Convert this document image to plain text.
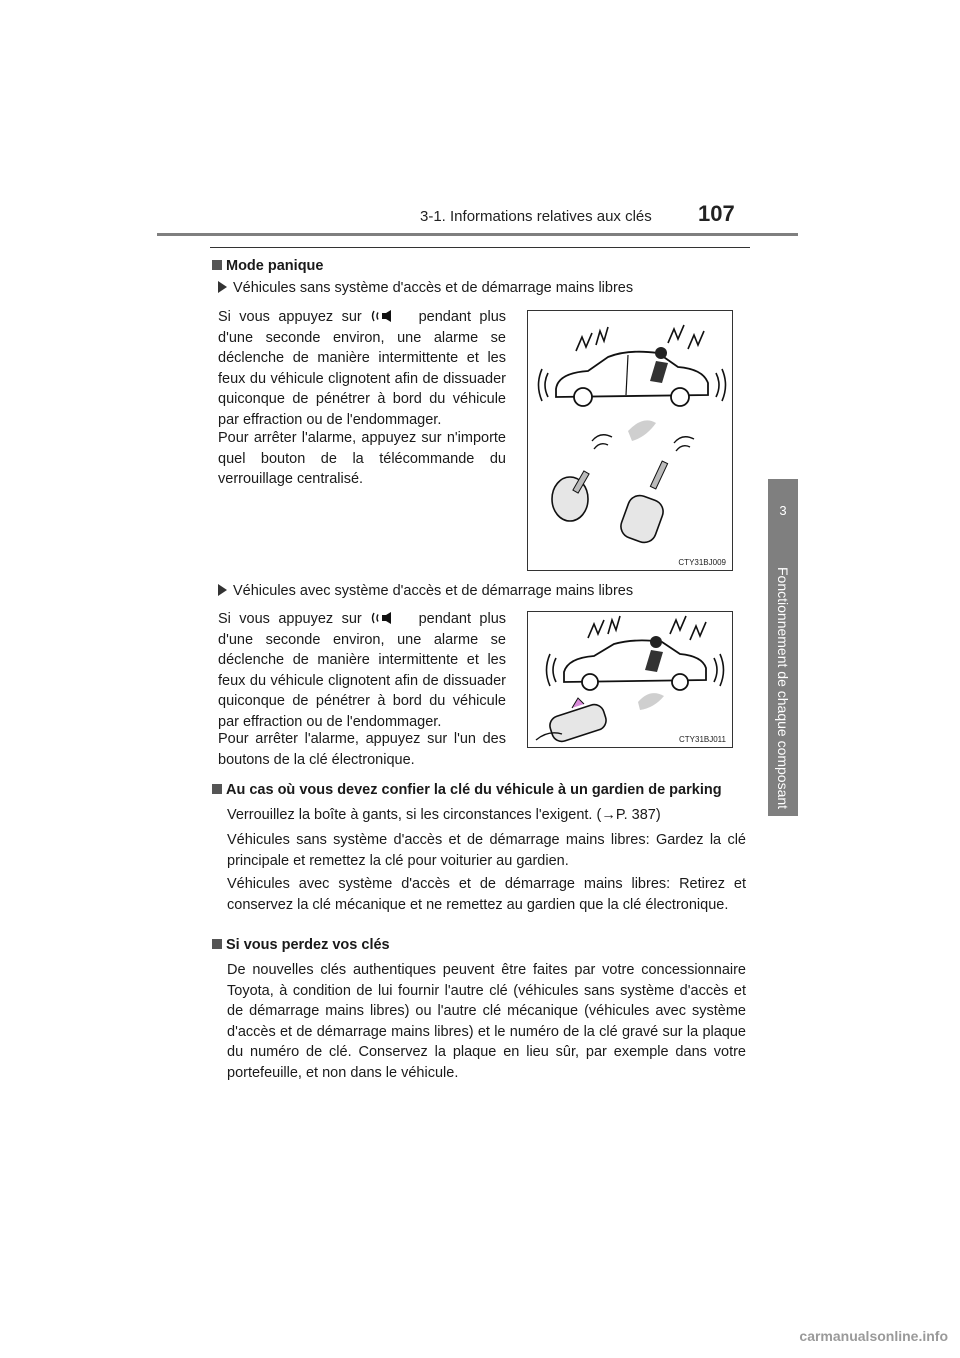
3-1. Informations relatives aux clés 107
3
Fonctionnement de chaque composant
Mode panique
Véhicules sans système d'accès et de démarrage mains libres
Si vous appuyez sur	pendant plus d'une seconde environ, une alarme se déclenche de manière intermittente et les feux du véhicule clignotent afin de dissuader quiconque de pénétrer à bord du véhicule par effraction ou de l'endommager.
Pour arrêter l'alarme, appuyez sur n'importe quel bouton de la télécommande du verrouillage centralisé.
CTY31BJ009
Véhicules avec système d'accès et de démarrage mains libres
Si vous appuyez sur	pendant plus d'une seconde environ, une alarme se déclenche de manière intermittente et les feux du véhicule clignotent afin de dissuader quiconque de pénétrer à bord du véhicule par effraction ou de l'endommager.
Pour arrêter l'alarme, appuyez sur l'un des boutons de la clé électronique.
CTY31BJ011
Au cas où vous devez confier la clé du véhicule à un gardien de parking
Verrouillez la boîte à gants, si les circonstances l'exigent. (→P. 387)
Véhicules sans système d'accès et de démarrage mains libres: Gardez la clé principale et remettez la clé pour voiturier au gardien.
Véhicules avec système d'accès et de démarrage mains libres: Retirez et conservez la clé mécanique et ne remettez au gardien que la clé électronique.
Si vous perdez vos clés
De nouvelles clés authentiques peuvent être faites par votre concessionnaire Toyota, à condition de lui fournir l'autre clé (véhicules sans système d'accès et de démarrage mains libres) ou l'autre clé mécanique (véhicules avec système d'accès et de démarrage mains libres) et le numéro de la clé gravé sur la plaque du numéro de clé. Conservez la plaque en lieu sûr, par exemple dans votre portefeuille, et non dans le véhicule.
carmanualsonline.info
